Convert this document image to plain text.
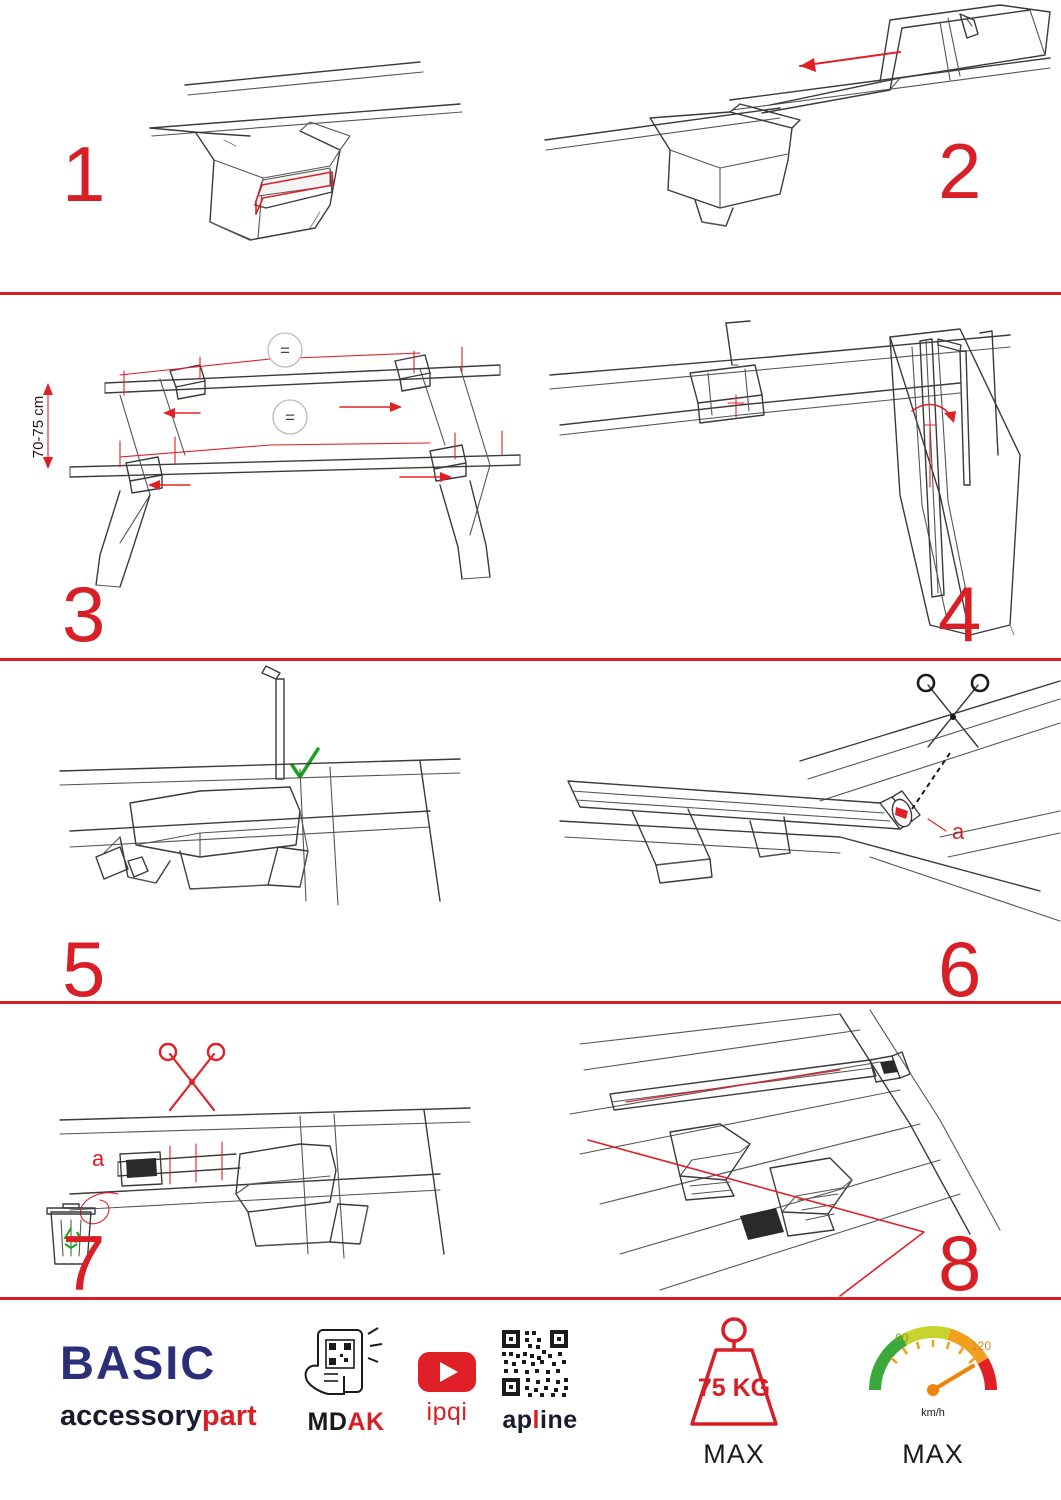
1	2
=
=
70-75 cm
3	4
5
a
6
a
7	8
BASIC
accessorypart	MDAK	ipqi	apline
75 KG
MAX
60
120
km/h
MAX
